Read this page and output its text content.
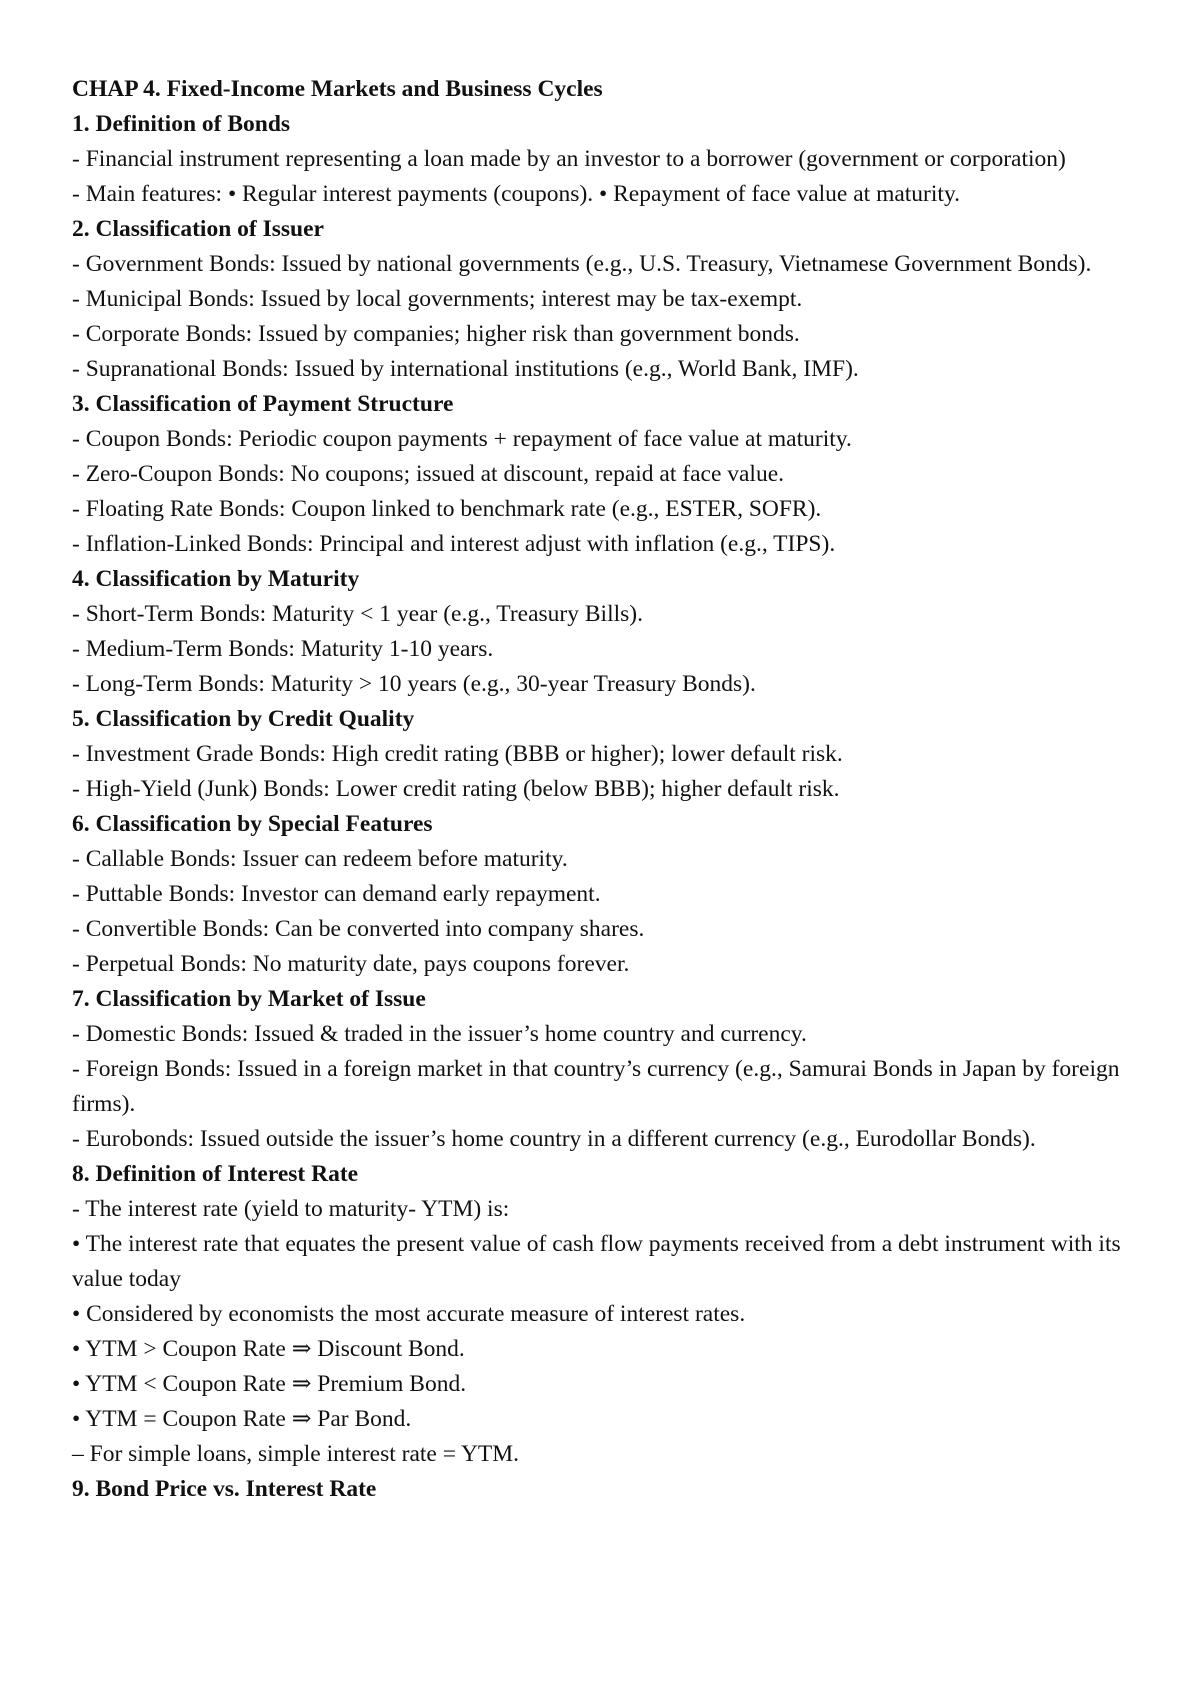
CHAP 4. Fixed-Income Markets and Business Cycles

1. Definition of Bonds

- Financial instrument representing a loan made by an investor to a borrower (government or corporation)

- Main features: • Regular interest payments (coupons). • Repayment of face value at maturity.

2. Classification of Issuer

- Government Bonds: Issued by national governments (e.g., U.S. Treasury, Vietnamese Government Bonds).

- Municipal Bonds: Issued by local governments; interest may be tax-exempt.

- Corporate Bonds: Issued by companies; higher risk than government bonds.

- Supranational Bonds: Issued by international institutions (e.g., World Bank, IMF).

3. Classification of Payment Structure

- Coupon Bonds: Periodic coupon payments + repayment of face value at maturity.

- Zero-Coupon Bonds: No coupons; issued at discount, repaid at face value.

- Floating Rate Bonds: Coupon linked to benchmark rate (e.g., ESTER, SOFR).

- Inflation-Linked Bonds: Principal and interest adjust with inflation (e.g., TIPS).

4. Classification by Maturity

- Short-Term Bonds: Maturity < 1 year (e.g., Treasury Bills).

- Medium-Term Bonds: Maturity 1-10 years.

- Long-Term Bonds: Maturity > 10 years (e.g., 30-year Treasury Bonds).

5. Classification by Credit Quality

- Investment Grade Bonds: High credit rating (BBB or higher); lower default risk.

- High-Yield (Junk) Bonds: Lower credit rating (below BBB); higher default risk.

6. Classification by Special Features

- Callable Bonds: Issuer can redeem before maturity.

- Puttable Bonds: Investor can demand early repayment.

- Convertible Bonds: Can be converted into company shares.

- Perpetual Bonds: No maturity date, pays coupons forever.

7. Classification by Market of Issue

- Domestic Bonds: Issued & traded in the issuer’s home country and currency.

- Foreign Bonds: Issued in a foreign market in that country’s currency (e.g., Samurai Bonds in Japan by foreign firms).

- Eurobonds: Issued outside the issuer’s home country in a different currency (e.g., Eurodollar Bonds).

8. Definition of Interest Rate

- The interest rate (yield to maturity- YTM) is:

• The interest rate that equates the present value of cash flow payments received from a debt instrument with its value today

• Considered by economists the most accurate measure of interest rates.

• YTM > Coupon Rate ⇒ Discount Bond.

• YTM < Coupon Rate ⇒ Premium Bond.

• YTM = Coupon Rate ⇒ Par Bond.

– For simple loans, simple interest rate = YTM.

9. Bond Price vs. Interest Rate
